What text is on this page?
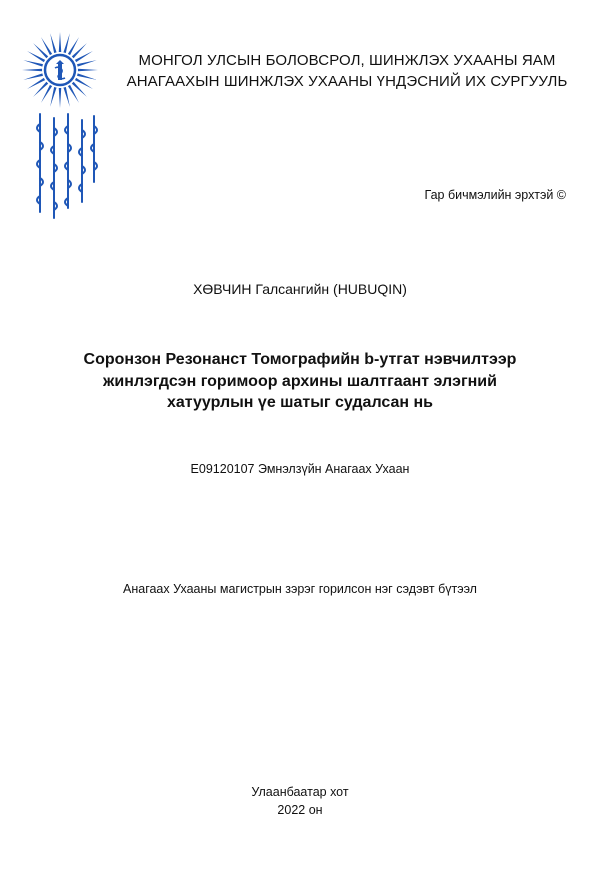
МОНГОЛ УЛСЫН БОЛОВСРОЛ, ШИНЖЛЭХ УХААНЫ ЯАМ
АНАГААХЫН ШИНЖЛЭХ УХААНЫ ҮНДЭСНИЙ ИХ СУРГУУЛЬ
Гар бичмэлийн эрхтэй ©
ХӨВЧИН Галсангийн (HUBUQIN)
Соронзон Резонанст Томографийн b-утгат нэвчилтээр
жинлэгдсэн горимоор архины шалтгаант элэгний
хатуурлын үе шатыг судалсан нь
E09120107 Эмнэлзүйн Анагаах Ухаан
Анагаах Ухааны магистрын зэрэг горилсон нэг сэдэвт бүтээл
Улаанбаатар хот
2022 он
